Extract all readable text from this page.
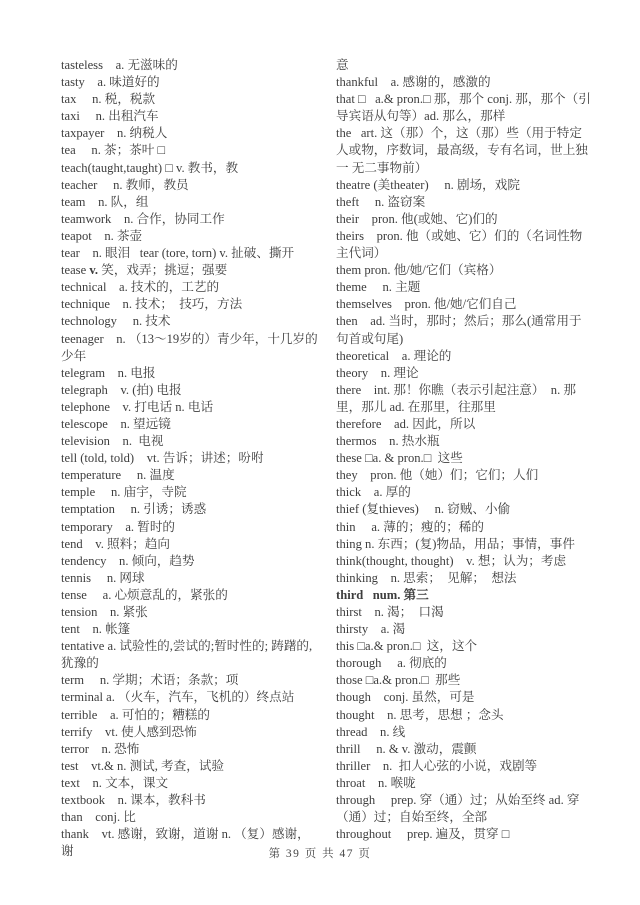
tasteless    a. 无滋味的

tasty    a. 味道好的

tax     n. 税，税款

taxi     n. 出租汽车

taxpayer    n. 纳税人

tea     n. 茶；茶叶 □

teach(taught,taught) □ v. 教书，教

teacher     n. 教师，教员

team    n. 队，组

teamwork    n. 合作，协同工作

teapot    n. 茶壶

tear    n. 眼泪   tear (tore, torn) v. 扯破、撕开

tease v. 笑，戏弄；挑逗；强要

technical    a. 技术的，工艺的

technique    n. 技术；  技巧，方法

technology     n. 技术

teenager    n. （13～19岁的）青少年，十几岁的少年

telegram    n. 电报

telegraph    v. (拍) 电报

telephone    v. 打电话 n. 电话

telescope    n. 望远镜

television    n.  电视

tell (told, told)    vt. 告诉；讲述；吩咐

temperature     n. 温度

temple     n. 庙宇，寺院

temptation     n. 引诱；诱惑

temporary    a. 暂时的

tend    v. 照料；趋向

tendency    n. 倾向，趋势

tennis     n. 网球

tense     a. 心烦意乱的，紧张的

tension    n. 紧张

tent    n. 帐篷

tentative a. 试验性的,尝试的;暂时性的; 踌躇的,犹豫的

term     n. 学期；术语；条款；项

terminal a. （火车，汽车，飞机的）终点站

terrible    a. 可怕的；糟糕的

terrify    vt. 使人感到恐怖

terror    n. 恐怖

test    vt.& n. 测试, 考查，试验

text    n. 文本，课文

textbook    n. 课本，教科书

than    conj. 比

thank    vt. 感谢，致谢，道谢 n. （复）感谢，谢

意

thankful    a. 感谢的，感激的

that □   a.& pron.□ 那，那个 conj. 那，那个（引导宾语从句等）ad. 那么，那样

the   art. 这（那）个，这（那）些（用于特定人或物，序数词，最高级，专有名词，世上独一 无二事物前）

theatre (美theater)     n. 剧场，戏院

theft     n. 盗窃案

their    pron. 他(或她、它)们的

theirs    pron. 他（或她、它）们的（名词性物主代词）

them pron. 他/她/它们（宾格）

theme     n. 主题

themselves    pron. 他/她/它们自己

then    ad. 当时，那时；然后；那么(通常用于句首或句尾)

theoretical    a. 理论的

theory    n. 理论

there    int. 那！你瞧（表示引起注意）  n. 那里，那儿 ad. 在那里，往那里

therefore    ad. 因此，所以

thermos    n. 热水瓶

these □a. & pron.□  这些

they    pron. 他（她）们；它们；人们

thick    a. 厚的

thief (复thieves)     n. 窃贼、小偷

thin     a. 薄的；瘦的；稀的

thing n. 东西；(复)物品，用品；事情，事件

think(thought, thought)    v. 想；认为；考虑

thinking    n. 思索；  见解；  想法

third   num. 第三

thirst    n. 渴；  口渴

thirsty    a. 渴

this □a.& pron.□  这，这个

thorough     a. 彻底的

those □a.& pron.□  那些

though    conj. 虽然，可是

thought    n. 思考，思想 ；念头

thread    n. 线

thrill     n. & v. 激动，震颤

thriller    n.  扣人心弦的小说，戏剧等

throat    n. 喉咙

through     prep. 穿（通）过；从始至终 ad. 穿（通）过；自始至终，全部

throughout     prep. 遍及，贯穿 □

第 39 页 共 47 页
